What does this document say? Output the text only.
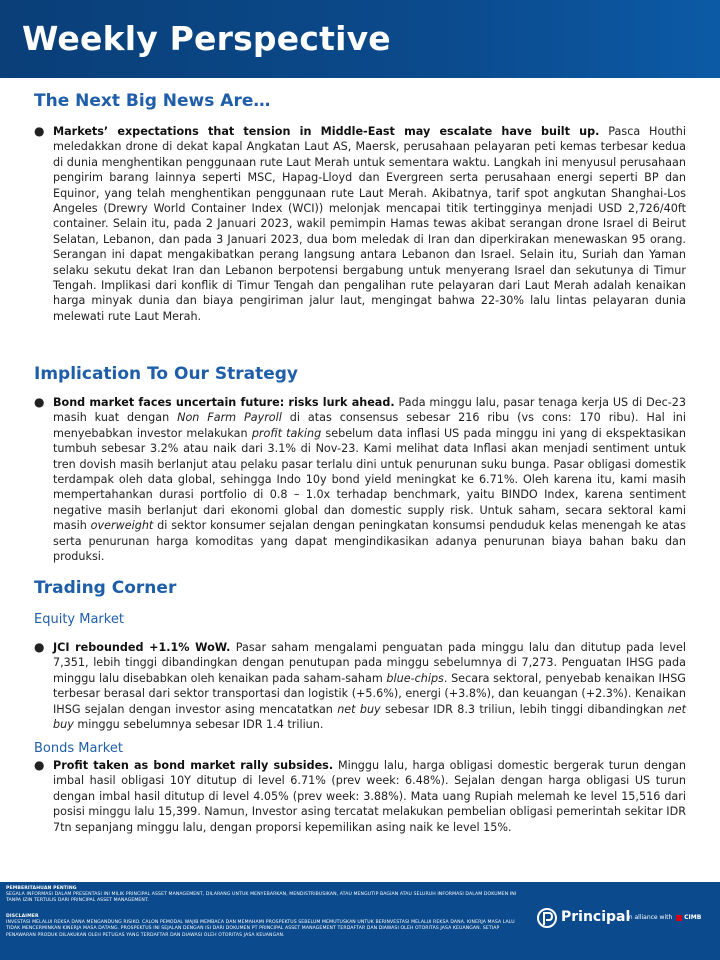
Weekly Perspective
The Next Big News Are…
● Markets’ expectations that tension in Middle-East may escalate have built up. Pasca Houthi meledakkan drone di dekat kapal Angkatan Laut AS, Maersk, perusahaan pelayaran peti kemas terbesar kedua di dunia menghentikan penggunaan rute Laut Merah untuk sementara waktu. Langkah ini menyusul perusahaan pengirim barang lainnya seperti MSC, Hapag-Lloyd dan Evergreen serta perusahaan energi seperti BP dan Equinor, yang telah menghentikan penggunaan rute Laut Merah. Akibatnya, tarif spot angkutan Shanghai-Los Angeles (Drewry World Container Index (WCI)) melonjak mencapai titik tertingginya menjadi USD 2,726/40ft container. Selain itu, pada 2 Januari 2023, wakil pemimpin Hamas tewas akibat serangan drone Israel di Beirut Selatan, Lebanon, dan pada 3 Januari 2023, dua bom meledak di Iran dan diperkirakan menewaskan 95 orang. Serangan ini dapat mengakibatkan perang langsung antara Lebanon dan Israel. Selain itu, Suriah dan Yaman selaku sekutu dekat Iran dan Lebanon berpotensi bergabung untuk menyerang Israel dan sekutunya di Timur Tengah. Implikasi dari konflik di Timur Tengah dan pengalihan rute pelayaran dari Laut Merah adalah kenaikan harga minyak dunia dan biaya pengiriman jalur laut, mengingat bahwa 22-30% lalu lintas pelayaran dunia melewati rute Laut Merah.

Implication To Our Strategy
● Bond market faces uncertain future: risks lurk ahead. Pada minggu lalu, pasar tenaga kerja US di Dec-23 masih kuat dengan Non Farm Payroll di atas consensus sebesar 216 ribu (vs cons: 170 ribu). Hal ini menyebabkan investor melakukan profit taking sebelum data inflasi US pada minggu ini yang di ekspektasikan tumbuh sebesar 3.2% atau naik dari 3.1% di Nov-23. Kami melihat data Inflasi akan menjadi sentiment untuk tren dovish masih berlanjut atau pelaku pasar terlalu dini untuk penurunan suku bunga. Pasar obligasi domestik terdampak oleh data global, sehingga Indo 10y bond yield meningkat ke 6.71%. Oleh karena itu, kami masih mempertahankan durasi portfolio di 0.8 – 1.0x terhadap benchmark, yaitu BINDO Index, karena sentiment negative masih berlanjut dari ekonomi global dan domestic supply risk. Untuk saham, secara sektoral kami masih overweight di sektor konsumer sejalan dengan peningkatan konsumsi penduduk kelas menengah ke atas serta penurunan harga komoditas yang dapat mengindikasikan adanya penurunan biaya bahan baku dan produksi.

Trading Corner
Equity Market
● JCI rebounded +1.1% WoW. Pasar saham mengalami penguatan pada minggu lalu dan ditutup pada level 7,351, lebih tinggi dibandingkan dengan penutupan pada minggu sebelumnya di 7,273. Penguatan IHSG pada minggu lalu disebabkan oleh kenaikan pada saham-saham blue-chips. Secara sektoral, penyebab kenaikan IHSG terbesar berasal dari sektor transportasi dan logistik (+5.6%), energi (+3.8%), dan keuangan (+2.3%). Kenaikan IHSG sejalan dengan investor asing mencatatkan net buy sebesar IDR 8.3 triliun, lebih tinggi dibandingkan net buy minggu sebelumnya sebesar IDR 1.4 triliun.

Bonds Market
● Profit taken as bond market rally subsides. Minggu lalu, harga obligasi domestic bergerak turun dengan imbal hasil obligasi 10Y ditutup di level 6.71% (prev week: 6.48%). Sejalan dengan harga obligasi US turun dengan imbal hasil ditutup di level 4.05% (prev week: 3.88%). Mata uang Rupiah melemah ke level 15,516 dari posisi minggu lalu 15,399. Namun, Investor asing tercatat melakukan pembelian obligasi pemerintah sekitar IDR 7tn sepanjang minggu lalu, dengan proporsi kepemilikan asing naik ke level 15%.

PEMBERITAHUAN PENTING
SEGALA INFORMASI DALAM PRESENTASI INI MILIK PRINCIPAL ASSET MANAGEMENT, DILARANG UNTUK MENYEBARKAN, MENDISTRIBUSIKAN, ATAU MENGUTIP BAGIAN ATAU SELURUH INFORMASI DALAM DOKUMEN INI TANPA IZIN TERTULIS DARI PRINCIPAL ASSET MANAGEMENT.
DISCLAIMER
INVESTASI MELALUI REKSA DANA MENGANDUNG RISIKO. CALON PEMODAL WAJIB MEMBACA DAN MEMAHAMI PROSPEKTUS SEBELUM MEMUTUSKAN UNTUK BERINVESTASI MELALUI REKSA DANA. KINERJA MASA LALU TIDAK MENCERMINKAN KINERJA MASA DATANG. PROSPEKTUS INI SEJALAN DENGAN ISI DARI DOKUMEN PT PRINCIPAL ASSET MANAGEMENT TERDAFTAR DAN DIAWASI OLEH OTORITAS JASA KEUANGAN. SETIAP PENAWARAN PRODUK DILAKUKAN OLEH PETUGAS YANG TERDAFTAR DAN DIAWASI OLEH OTORITAS JASA KEUANGAN.
Principal
In alliance with CIMB
